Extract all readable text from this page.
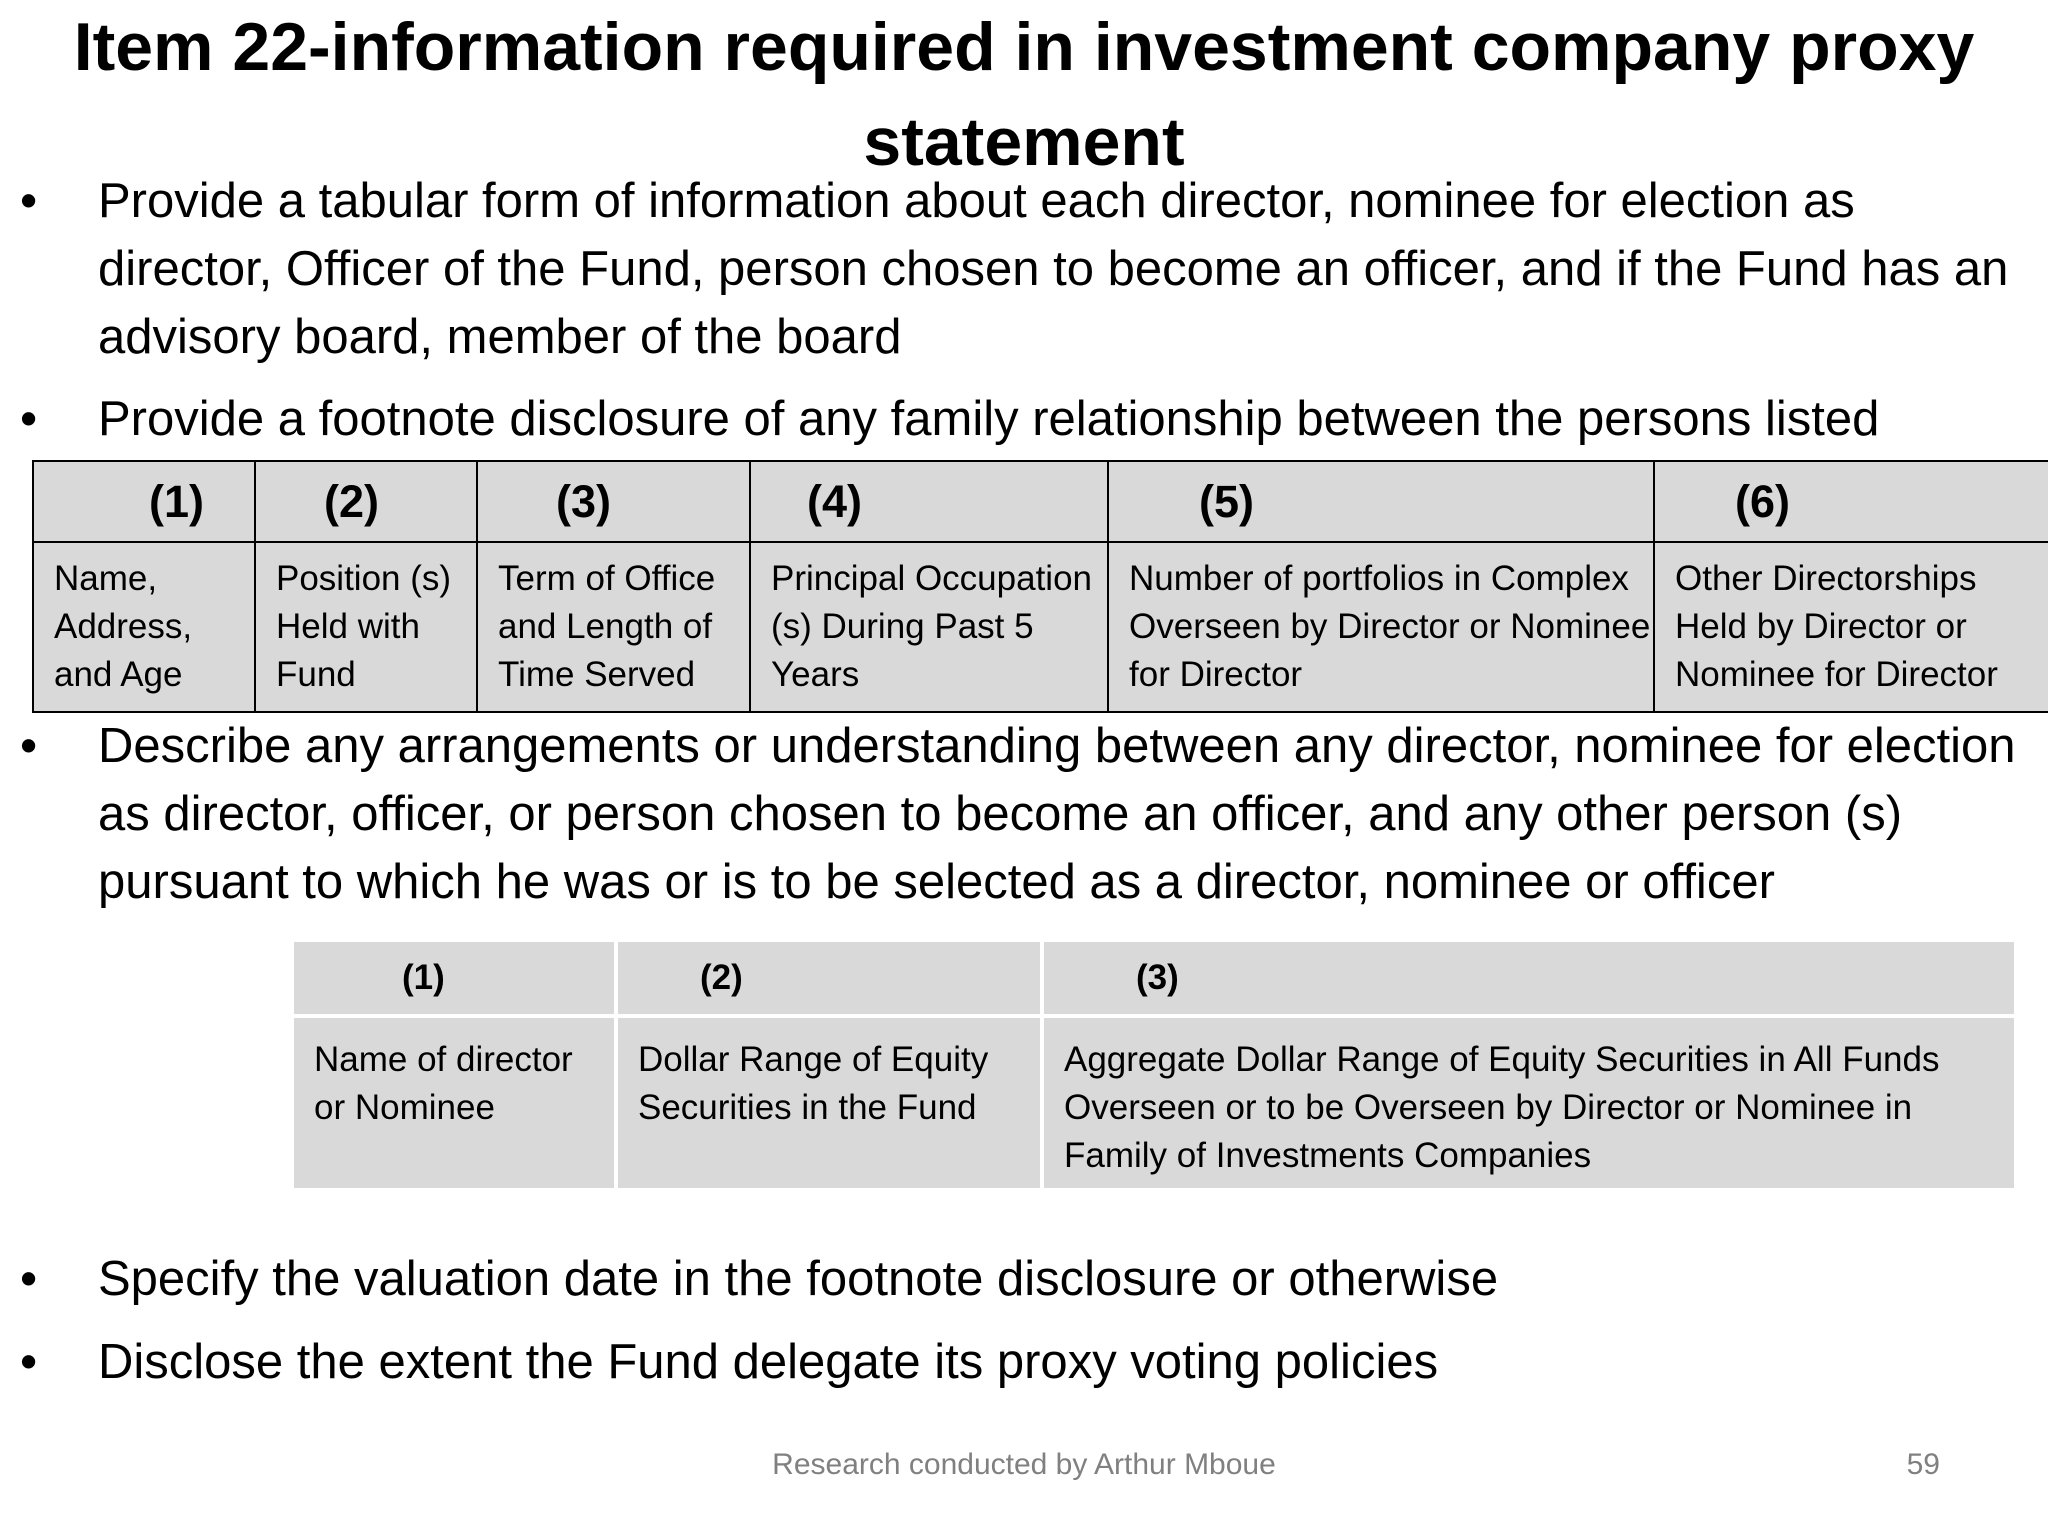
Item 22-information required in investment company proxy statement
• Provide a tabular form of information about each director, nominee for election as director, Officer of the Fund, person chosen to become an officer, and if the Fund has an advisory board, member of the board
• Provide a footnote disclosure of any family relationship between the persons listed
(1)	(2)	(3)	(4)	(5)	(6)
Name, Address, and Age	Position (s) Held with Fund	Term of Office and Length of Time Served	Principal Occupation (s) During Past 5 Years	Number of portfolios in Complex Overseen by Director or Nominee for Director	Other Directorships Held by Director or Nominee for Director
• Describe any arrangements or understanding between any director, nominee for election as director, officer, or person chosen to become an officer, and any other person (s) pursuant to which he was or is to be selected as a director, nominee or officer
(1)	(2)	(3)
Name of director or Nominee	Dollar Range of Equity Securities in the Fund	Aggregate Dollar Range of Equity Securities in All Funds Overseen or to be Overseen by Director or Nominee in Family of Investments Companies
• Specify the valuation date in the footnote disclosure or otherwise
• Disclose the extent the Fund delegate its proxy voting policies
Research conducted by Arthur Mboue	59
